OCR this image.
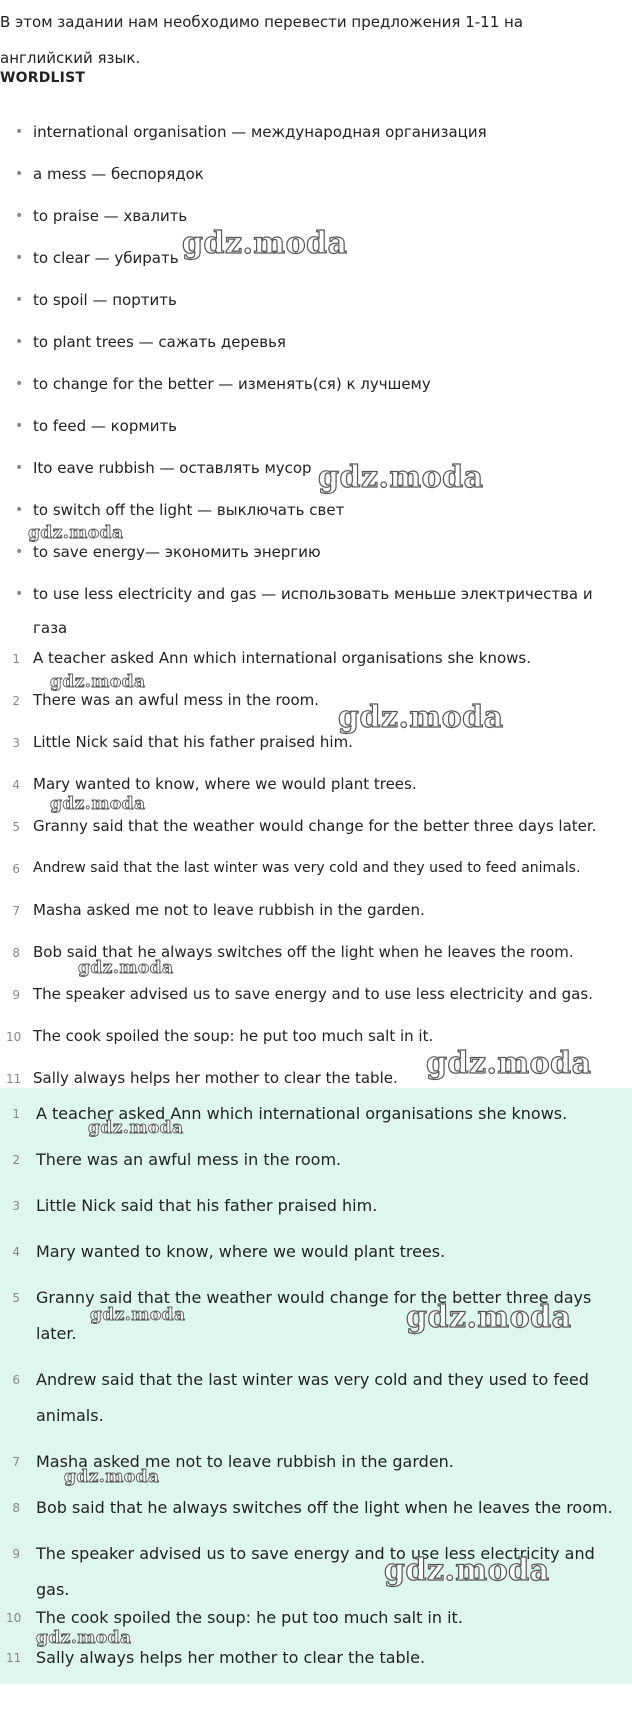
В этом задании нам необходимо перевести предложения 1-11 на английский язык.

WORDLIST

• international organisation — международная организация
• a mess — беспорядок
• to praise — хвалить
• to clear — убирать
• to spoil — портить
• to plant trees — сажать деревья
• to change for the better — изменять(ся) к лучшему
• to feed — кормить
• Ito eave rubbish — оставлять мусор
• to switch off the light — выключать свет
• to save energy— экономить энергию
• to use less electricity and gas — использовать меньше электричества и газа
1 A teacher asked Ann which international organisations she knows.
2 There was an awful mess in the room.
3 Little Nick said that his father praised him.
4 Mary wanted to know, where we would plant trees.
5 Granny said that the weather would change for the better three days later.
6 Andrew said that the last winter was very cold and they used to feed animals.
7 Masha asked me not to leave rubbish in the garden.
8 Bob said that he always switches off the light when he leaves the room.
9 The speaker advised us to save energy and to use less electricity and gas.
10 The cook spoiled the soup: he put too much salt in it.
11 Sally always helps her mother to clear the table.
1 A teacher asked Ann which international organisations she knows.
2 There was an awful mess in the room.
3 Little Nick said that his father praised him.
4 Mary wanted to know, where we would plant trees.
5 Granny said that the weather would change for the better three days later.
6 Andrew said that the last winter was very cold and they used to feed animals.
7 Masha asked me not to leave rubbish in the garden.
8 Bob said that he always switches off the light when he leaves the room.
9 The speaker advised us to save energy and to use less electricity and gas.
10 The cook spoiled the soup: he put too much salt in it.
11 Sally always helps her mother to clear the table.
gdz.moda
gdz.moda
gdz.moda
gdz.moda
gdz.moda
gdz.moda
gdz.moda
gdz.moda
gdz.moda
gdz.moda	gdz.moda
gdz.moda
gdz.moda
gdz.moda
